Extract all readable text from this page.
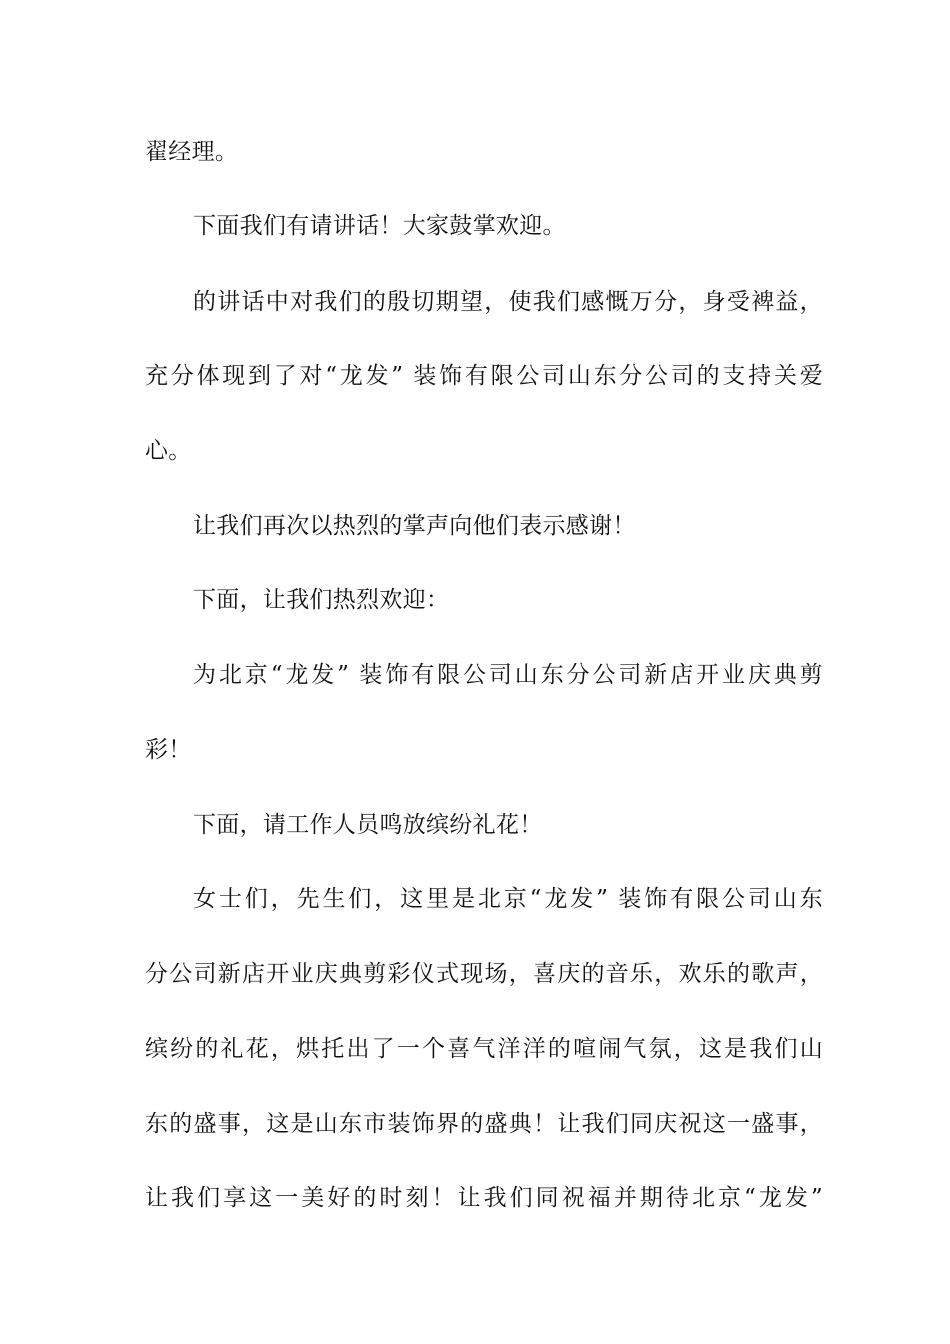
翟经理。
下面我们有请讲话！大家鼓掌欢迎。
的讲话中对我们的殷切期望，使我们感慨万分，身受裨益，
充分体现到了对“龙发” 装饰有限公司山东分公司的支持关爱
心。
让我们再次以热烈的掌声向他们表示感谢！
下面，让我们热烈欢迎：
为北京“龙发” 装饰有限公司山东分公司新店开业庆典剪
彩！
下面，请工作人员鸣放缤纷礼花！
女士们，先生们，这里是北京“龙发” 装饰有限公司山东
分公司新店开业庆典剪彩仪式现场，喜庆的音乐，欢乐的歌声，
缤纷的礼花，烘托出了一个喜气洋洋的喧闹气氛，这是我们山
东的盛事，这是山东市装饰界的盛典！让我们同庆祝这一盛事，
让我们享这一美好的时刻！让我们同祝福并期待北京“龙发”
